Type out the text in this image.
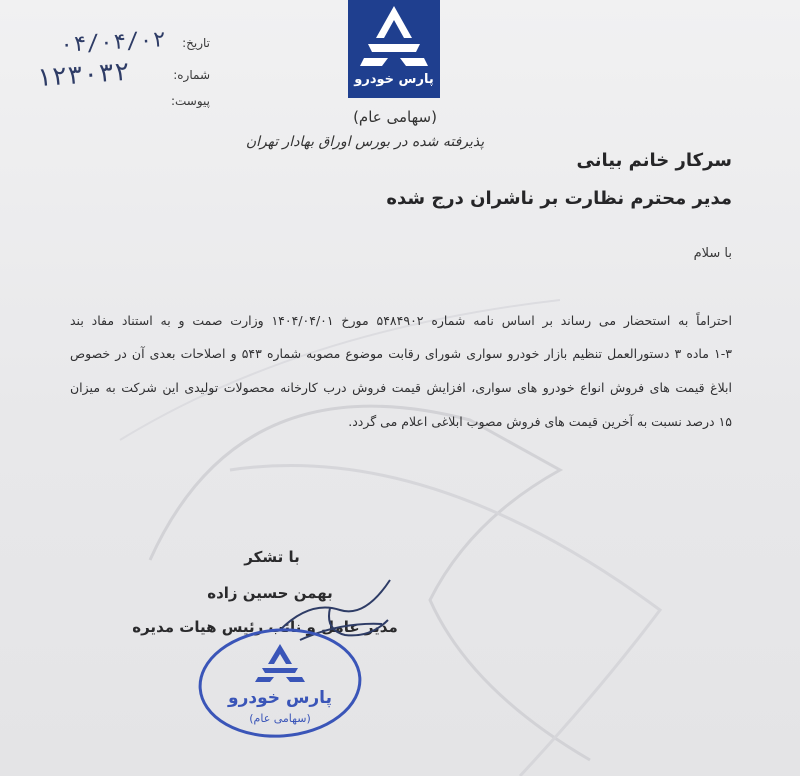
پارس خودرو
(سهامی عام)
پذیرفته شده در بورس اوراق بهادار تهران
تاریخ:
۰۴/۰۴/۰۲
شماره:
۱۲۳۰۳۲
پیوست:
سرکار خانم بیانی
مدیر محترم نظارت بر ناشران درج شده
با سلام
احتراماً به استحضار می رساند بر اساس نامه شماره ۵۴۸۴۹۰۲ مورخ ۱۴۰۴/۰۴/۰۱ وزارت صمت و به استناد مفاد بند
۱-۳ ماده ۳ دستورالعمل تنظیم بازار خودرو سواری شورای رقابت موضوع مصوبه شماره ۵۴۳ و اصلاحات بعدی آن در خصوص
ابلاغ قیمت های فروش انواع خودرو های سواری، افزایش قیمت فروش درب کارخانه محصولات تولیدی این شرکت به میزان
۱۵ درصد نسبت به آخرین قیمت های فروش مصوب ابلاغی اعلام می گردد.
با تشکر
بهمن حسین زاده
مدیر عامل و نائب رئیس هیات مدیره
پارس خودرو
(سهامی عام)
